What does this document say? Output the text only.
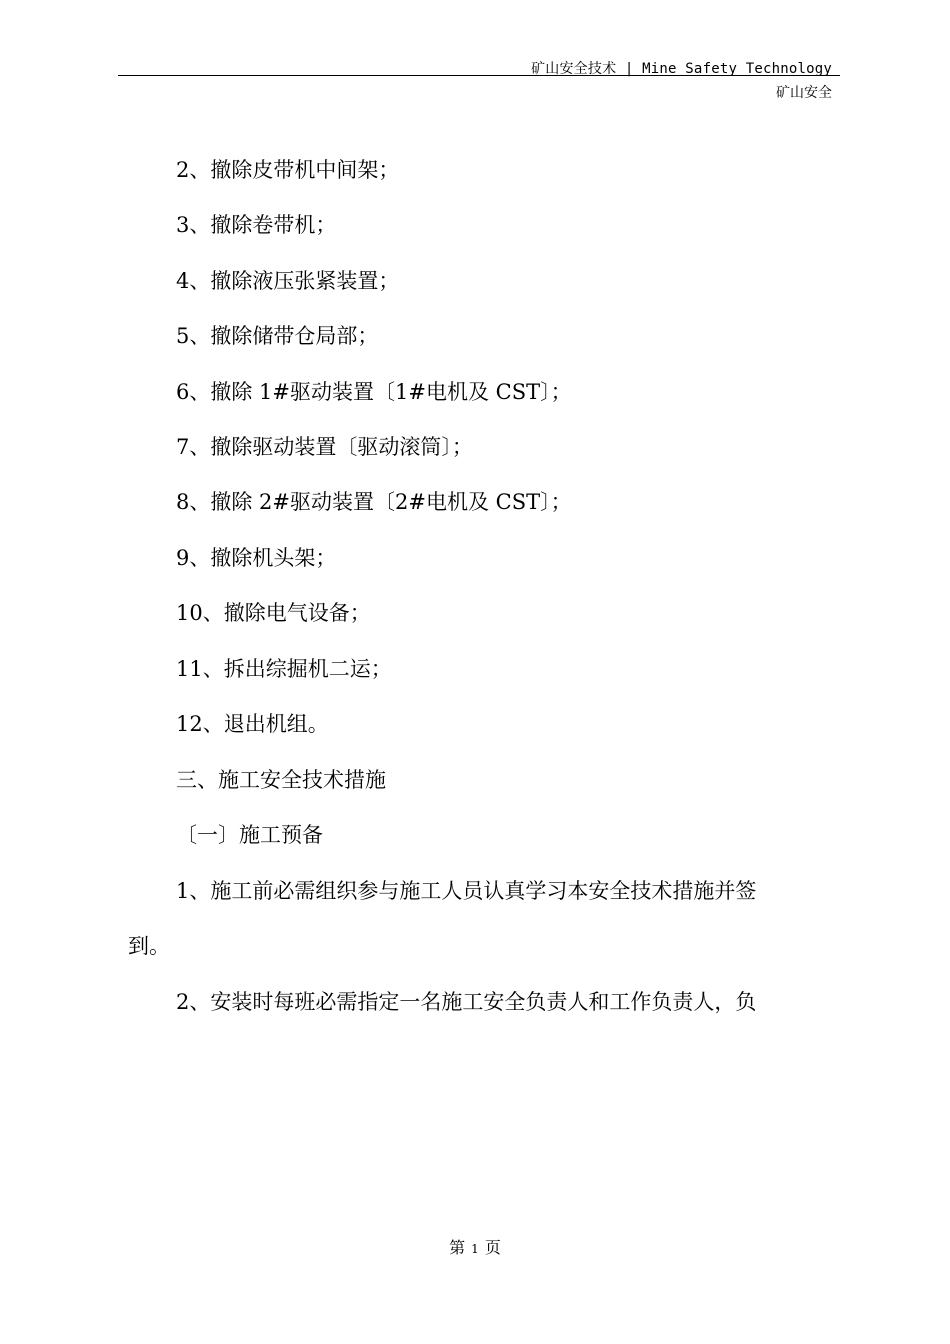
矿山安全技术 | Mine Safety Technology
矿山安全
2、撤除皮带机中间架；
3、撤除卷带机；
4、撤除液压张紧装置；
5、撤除储带仓局部；
6、撤除 1#驱动装置〔1#电机及 CST〕；
7、撤除驱动装置〔驱动滚筒〕；
8、撤除 2#驱动装置〔2#电机及 CST〕；
9、撤除机头架；
10、撤除电气设备；
11、拆出综掘机二运；
12、退出机组。
三、施工安全技术措施
〔一〕施工预备
1、施工前必需组织参与施工人员认真学习本安全技术措施并签
到。
2、安装时每班必需指定一名施工安全负责人和工作负责人，负
第 1 页
